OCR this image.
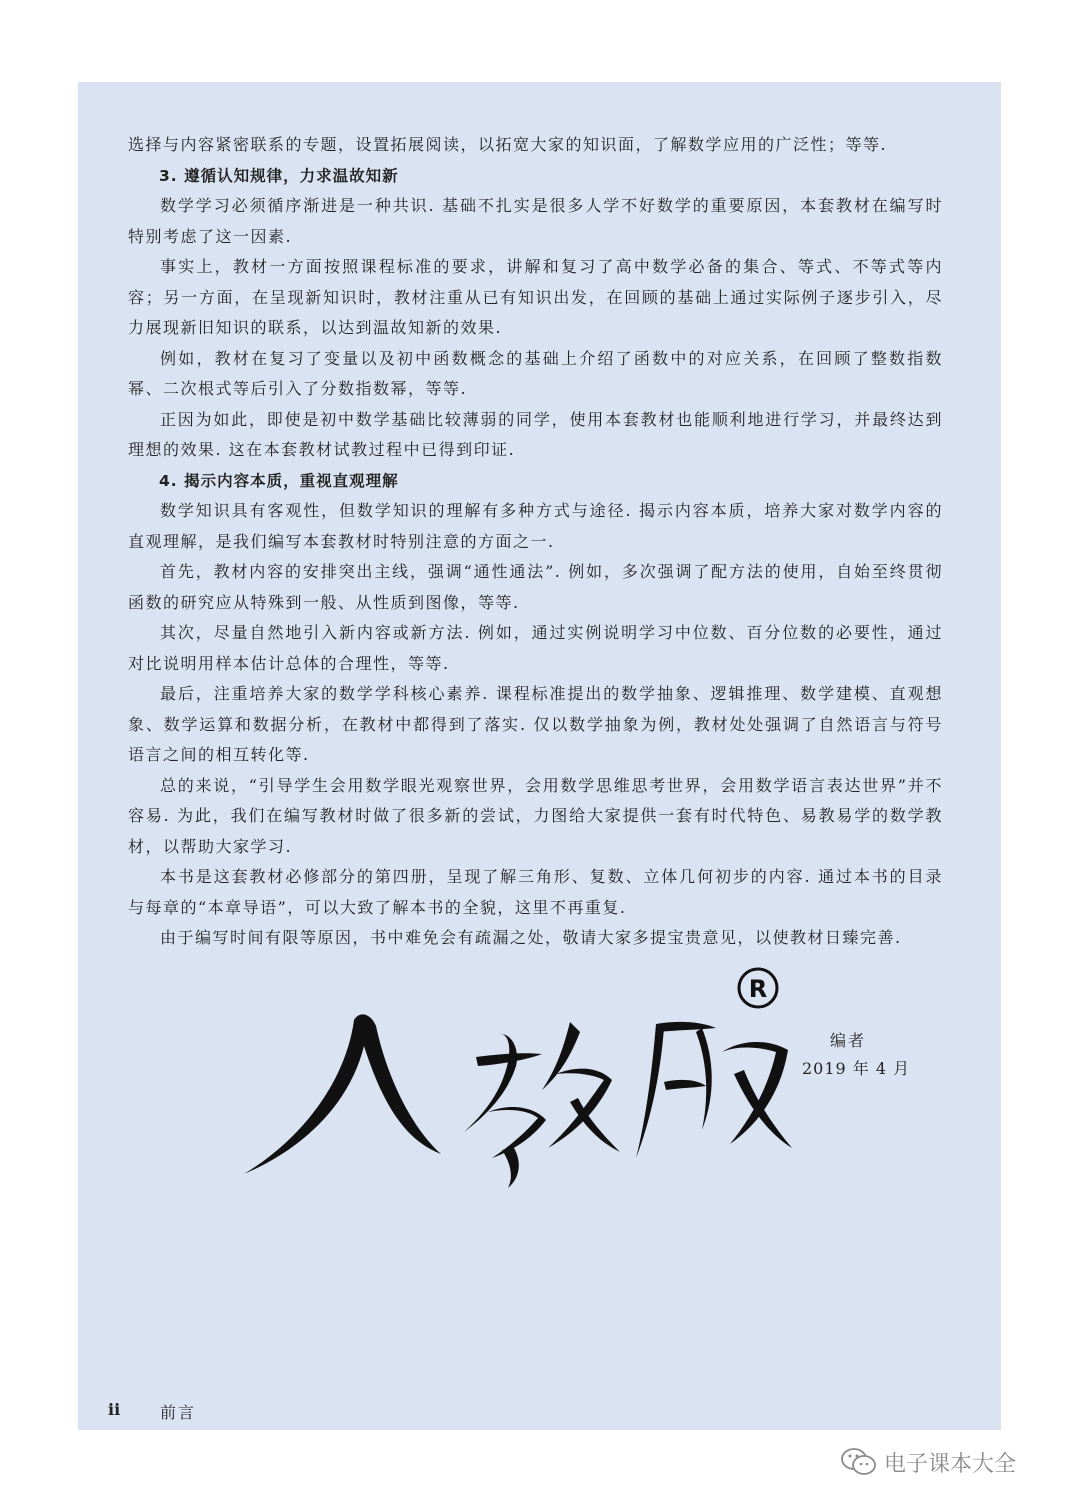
选择与内容紧密联系的专题，设置拓展阅读，以拓宽大家的知识面，了解数学应用的广泛性；等等.

3. 遵循认知规律，力求温故知新

数学学习必须循序渐进是一种共识. 基础不扎实是很多人学不好数学的重要原因，本套教材在编写时特别考虑了这一因素.

事实上，教材一方面按照课程标准的要求，讲解和复习了高中数学必备的集合、等式、不等式等内容；另一方面，在呈现新知识时，教材注重从已有知识出发，在回顾的基础上通过实际例子逐步引入，尽力展现新旧知识的联系，以达到温故知新的效果.

例如，教材在复习了变量以及初中函数概念的基础上介绍了函数中的对应关系，在回顾了整数指数幂、二次根式等后引入了分数指数幂，等等.

正因为如此，即使是初中数学基础比较薄弱的同学，使用本套教材也能顺利地进行学习，并最终达到理想的效果. 这在本套教材试教过程中已得到印证.

4. 揭示内容本质，重视直观理解

数学知识具有客观性，但数学知识的理解有多种方式与途径. 揭示内容本质，培养大家对数学内容的直观理解，是我们编写本套教材时特别注意的方面之一.

首先，教材内容的安排突出主线，强调“通性通法”. 例如，多次强调了配方法的使用，自始至终贯彻函数的研究应从特殊到一般、从性质到图像，等等.

其次，尽量自然地引入新内容或新方法. 例如，通过实例说明学习中位数、百分位数的必要性，通过对比说明用样本估计总体的合理性，等等.

最后，注重培养大家的数学学科核心素养. 课程标准提出的数学抽象、逻辑推理、数学建模、直观想象、数学运算和数据分析，在教材中都得到了落实. 仅以数学抽象为例，教材处处强调了自然语言与符号语言之间的相互转化等.

总的来说，“引导学生会用数学眼光观察世界，会用数学思维思考世界，会用数学语言表达世界”并不容易. 为此，我们在编写教材时做了很多新的尝试，力图给大家提供一套有时代特色、易教易学的数学教材，以帮助大家学习.

本书是这套教材必修部分的第四册，呈现了解三角形、复数、立体几何初步的内容. 通过本书的目录与每章的“本章导语”，可以大致了解本书的全貌，这里不再重复.

由于编写时间有限等原因，书中难免会有疏漏之处，敬请大家多提宝贵意见，以使教材日臻完善.

R
编者
2019 年 4 月
ii 前言
电子课本大全
